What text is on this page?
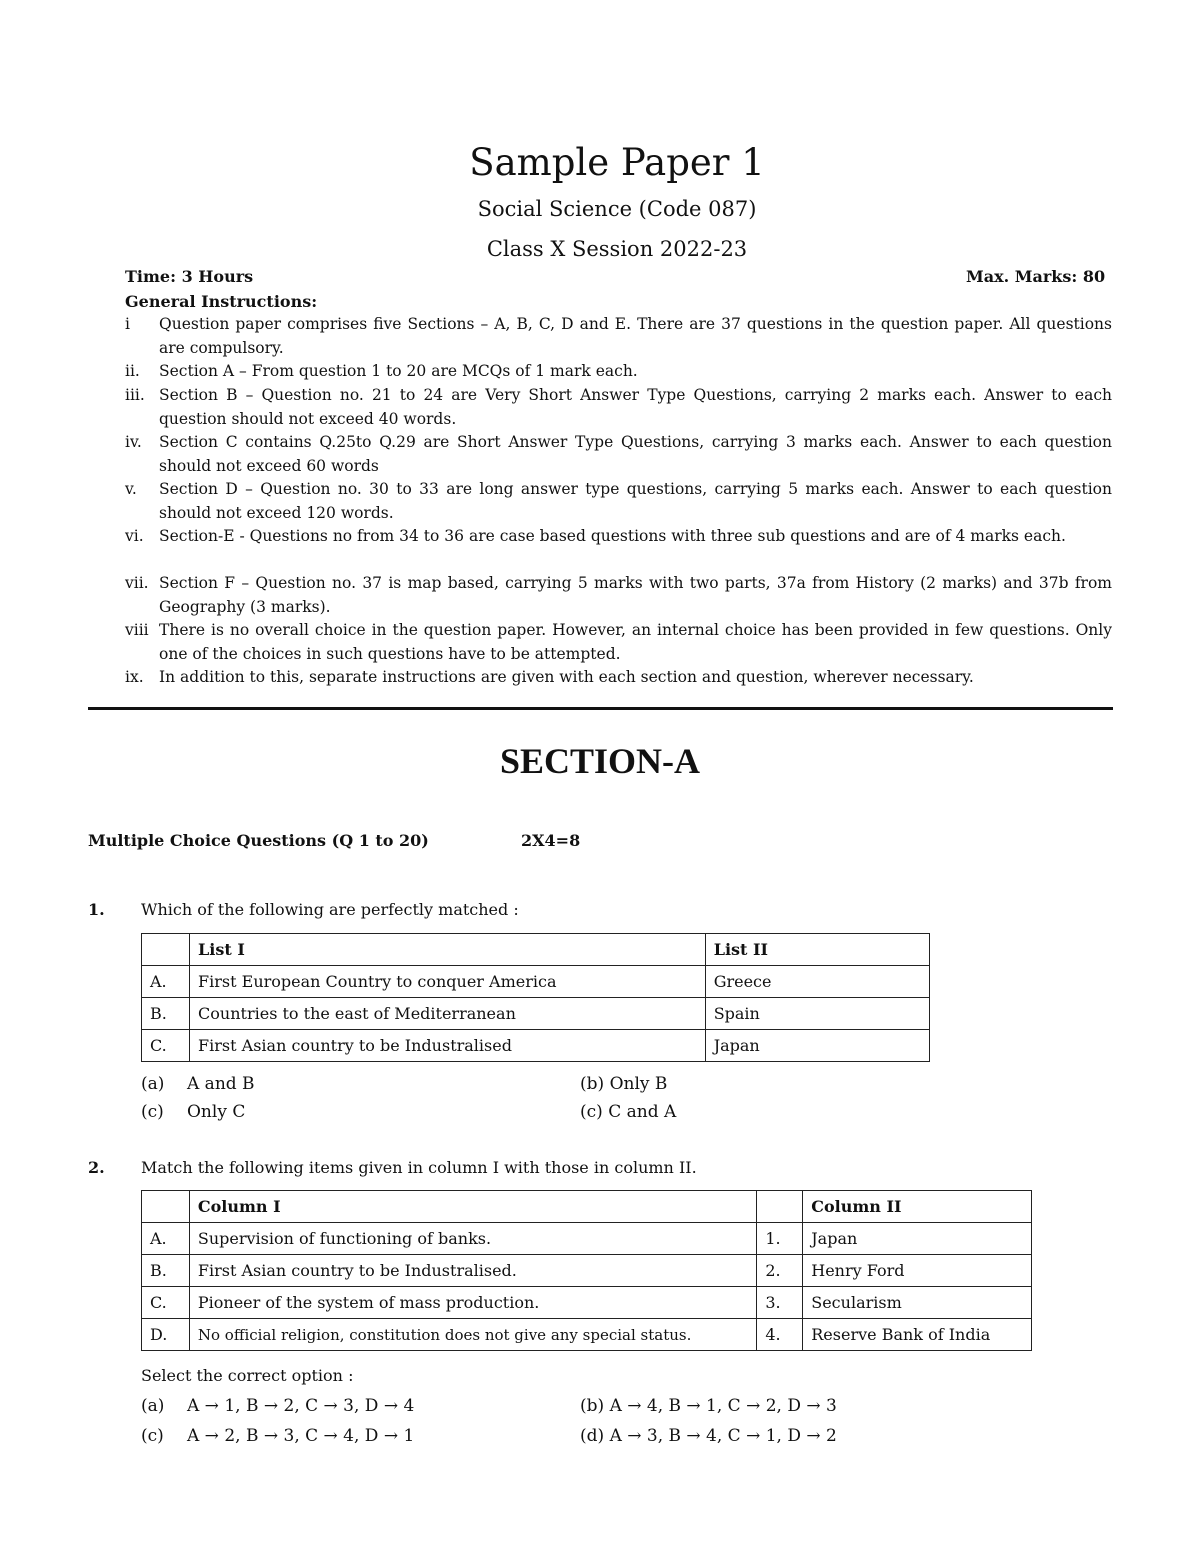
Sample Paper 1
Social Science (Code 087)
Class X Session 2022-23
Time: 3 Hours	Max. Marks: 80
General Instructions:
i Question paper comprises five Sections – A, B, C, D and E. There are 37 questions in the question paper. All questions are compulsory.
ii. Section A – From question 1 to 20 are MCQs of 1 mark each.
iii. Section B – Question no. 21 to 24 are Very Short Answer Type Questions, carrying 2 marks each. Answer to each question should not exceed 40 words.
iv. Section C contains Q.25to Q.29 are Short Answer Type Questions, carrying 3 marks each. Answer to each question should not exceed 60 words
v. Section D – Question no. 30 to 33 are long answer type questions, carrying 5 marks each. Answer to each question should not exceed 120 words.
vi. Section-E - Questions no from 34 to 36 are case based questions with three sub questions and are of 4 marks each.
vii. Section F – Question no. 37 is map based, carrying 5 marks with two parts, 37a from History (2 marks) and 37b from Geography (3 marks).
viii There is no overall choice in the question paper. However, an internal choice has been provided in few questions. Only one of the choices in such questions have to be attempted.
ix. In addition to this, separate instructions are given with each section and question, wherever necessary.
SECTION-A
Multiple Choice Questions (Q 1 to 20)	2X4=8
1. Which of the following are perfectly matched :
	List I	List II
A.	First European Country to conquer America	Greece
B.	Countries to the east of Mediterranean	Spain
C.	First Asian country to be Industralised	Japan
(a) A and B	(b) Only B
(c) Only C	(c) C and A
2. Match the following items given in column I with those in column II.
	Column I		Column II
A.	Supervision of functioning of banks.	1.	Japan
B.	First Asian country to be Industralised.	2.	Henry Ford
C.	Pioneer of the system of mass production.	3.	Secularism
D.	No official religion, constitution does not give any special status.	4.	Reserve Bank of India
Select the correct option :
(a) A → 1, B → 2, C → 3, D → 4	(b) A → 4, B → 1, C → 2, D → 3
(c) A → 2, B → 3, C → 4, D → 1	(d) A → 3, B → 4, C → 1, D → 2
